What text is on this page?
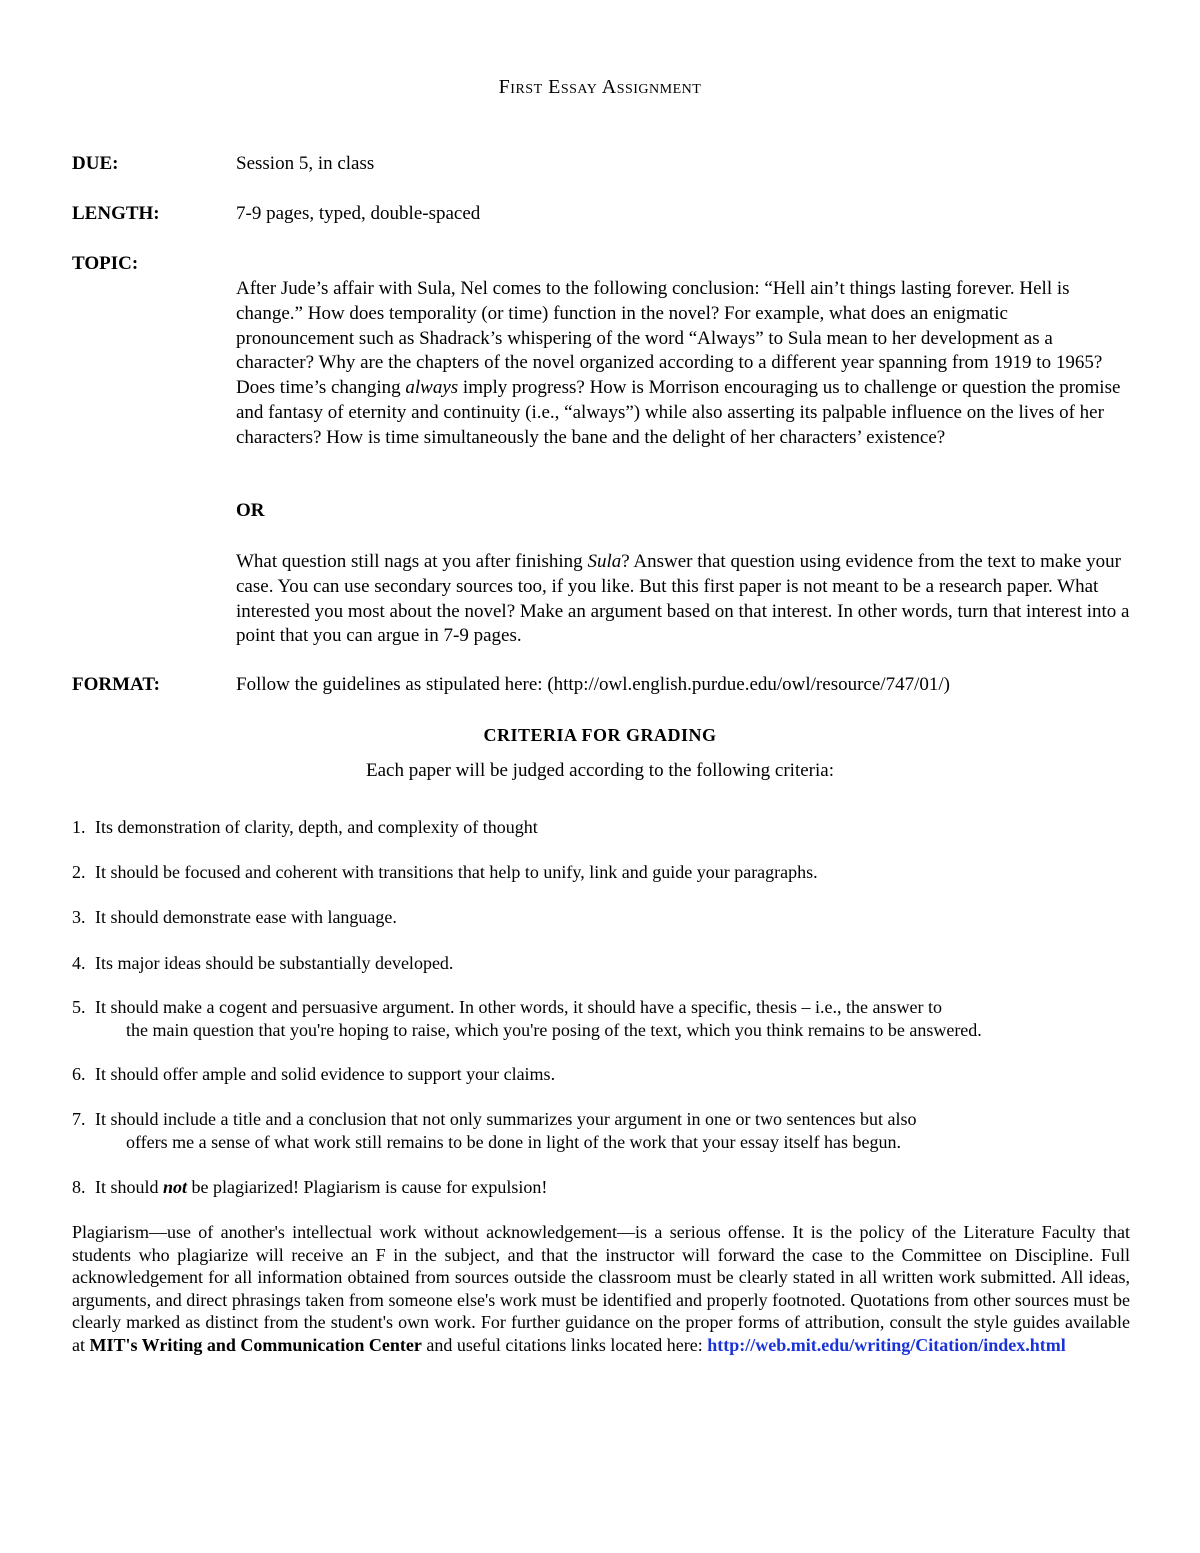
First Essay Assignment
DUE:	Session 5, in class
LENGTH:	7-9 pages, typed, double-spaced
TOPIC:

After Jude’s affair with Sula, Nel comes to the following conclusion: “Hell ain’t things lasting forever. Hell is change.” How does temporality (or time) function in the novel? For example, what does an enigmatic pronouncement such as Shadrack’s whispering of the word “Always” to Sula mean to her development as a character? Why are the chapters of the novel organized according to a different year spanning from 1919 to 1965? Does time’s changing always imply progress? How is Morrison encouraging us to challenge or question the promise and fantasy of eternity and continuity (i.e., “always”) while also asserting its palpable influence on the lives of her characters? How is time simultaneously the bane and the delight of her characters’ existence?

OR

What question still nags at you after finishing Sula? Answer that question using evidence from the text to make your case. You can use secondary sources too, if you like. But this first paper is not meant to be a research paper. What interested you most about the novel? Make an argument based on that interest. In other words, turn that interest into a point that you can argue in 7-9 pages.

FORMAT:	Follow the guidelines as stipulated here: (http://owl.english.purdue.edu/owl/resource/747/01/)
CRITERIA FOR GRADING
Each paper will be judged according to the following criteria:
1. Its demonstration of clarity, depth, and complexity of thought
2. It should be focused and coherent with transitions that help to unify, link and guide your paragraphs.
3. It should demonstrate ease with language.
4. Its major ideas should be substantially developed.
5. It should make a cogent and persuasive argument. In other words, it should have a specific, thesis – i.e., the answer to
the main question that you're hoping to raise, which you're posing of the text, which you think remains to be answered.
6. It should offer ample and solid evidence to support your claims.
7. It should include a title and a conclusion that not only summarizes your argument in one or two sentences but also
offers me a sense of what work still remains to be done in light of the work that your essay itself has begun.
8. It should not be plagiarized! Plagiarism is cause for expulsion!

Plagiarism—use of another's intellectual work without acknowledgement—is a serious offense. It is the policy of the Literature Faculty that students who plagiarize will receive an F in the subject, and that the instructor will forward the case to the Committee on Discipline. Full acknowledgement for all information obtained from sources outside the classroom must be clearly stated in all written work submitted. All ideas, arguments, and direct phrasings taken from someone else's work must be identified and properly footnoted. Quotations from other sources must be clearly marked as distinct from the student's own work. For further guidance on the proper forms of attribution, consult the style guides available at MIT's Writing and Communication Center and useful citations links located here: http://web.mit.edu/writing/Citation/index.html
